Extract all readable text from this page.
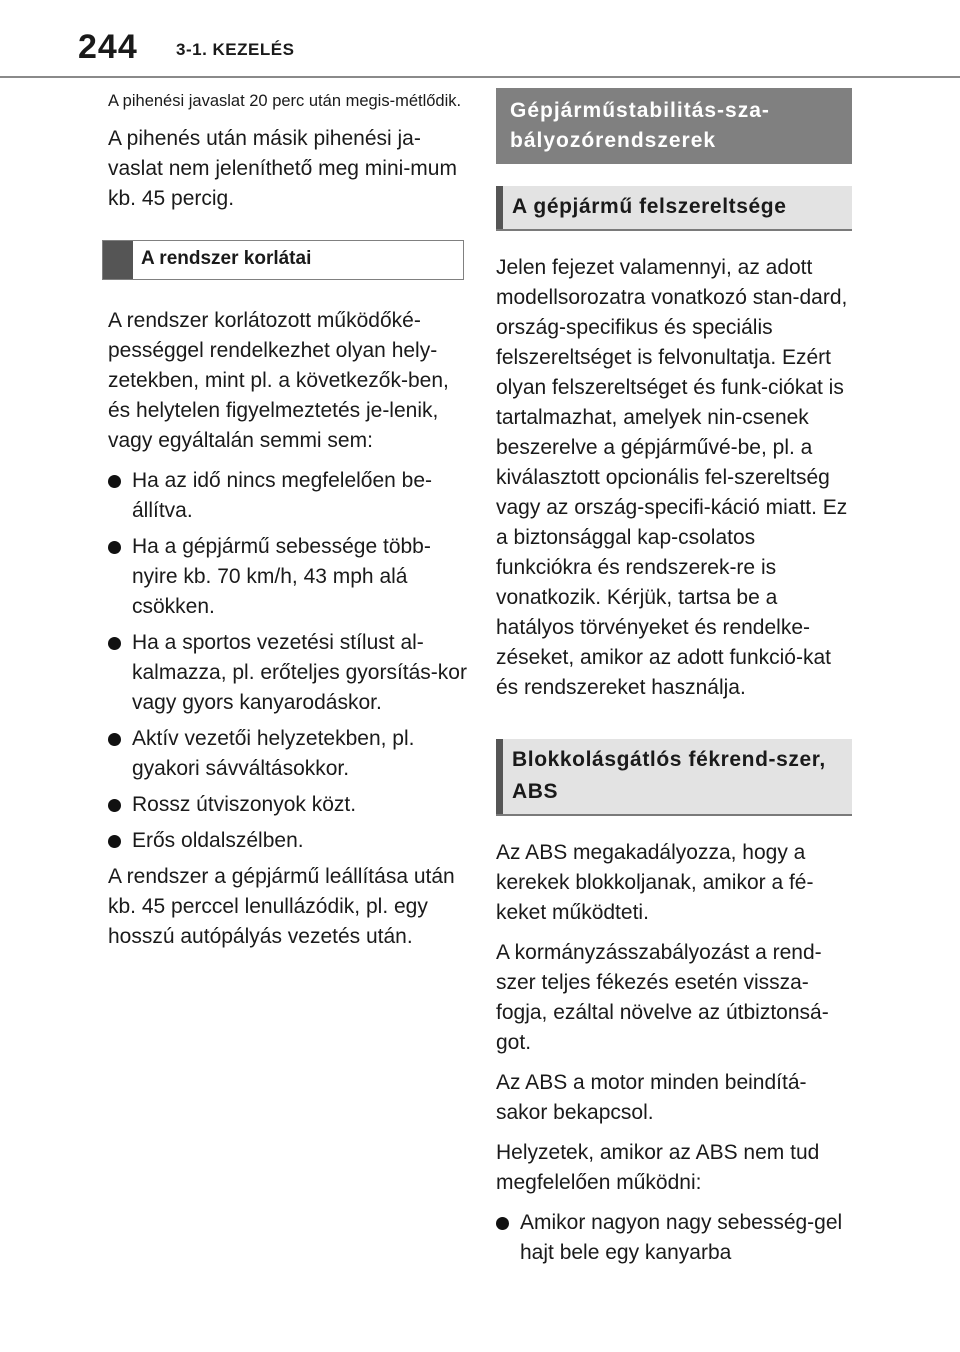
244 3-1. KEZELÉS

A pihenési javaslat 20 perc után megis-métlődik.

A pihenés után másik pihenési ja-vaslat nem jeleníthető meg mini-mum kb. 45 percig.

A rendszer korlátai

A rendszer korlátozott működőké-pességgel rendelkezhet olyan hely-zetekben, mint pl. a következők-ben, és helytelen figyelmeztetés je-lenik, vagy egyáltalán semmi sem:

Ha az idő nincs megfelelően be-állítva.
Ha a gépjármű sebessége több-nyire kb. 70 km/h, 43 mph alá csökken.
Ha a sportos vezetési stílust al-kalmazza, pl. erőteljes gyorsítás-kor vagy gyors kanyarodáskor.
Aktív vezetői helyzetekben, pl. gyakori sávváltásokkor.
Rossz útviszonyok közt.
Erős oldalszélben.

A rendszer a gépjármű leállítása után kb. 45 perccel lenullázódik, pl. egy hosszú autópályás vezetés után.

Gépjárműstabilitás-sza-bályozórendszerek
A gépjármű felszereltsége

Jelen fejezet valamennyi, az adott modellsorozatra vonatkozó stan-dard, ország-specifikus és speciális felszereltséget is felvonultatja. Ezért olyan felszereltséget és funk-ciókat is tartalmazhat, amelyek nin-csenek beszerelve a gépjárművé-be, pl. a kiválasztott opcionális fel-szereltség vagy az ország-specifi-káció miatt. Ez a biztonsággal kap-csolatos funkciókra és rendszerek-re is vonatkozik. Kérjük, tartsa be a hatályos törvényeket és rendelke-zéseket, amikor az adott funkció-kat és rendszereket használja.

Blokkolásgátlós fékrend-szer, ABS

Az ABS megakadályozza, hogy a kerekek blokkoljanak, amikor a fé-keket működteti.

A kormányzásszabályozást a rend-szer teljes fékezés esetén vissza-fogja, ezáltal növelve az útbiztonsá-got.

Az ABS a motor minden beindítá-sakor bekapcsol.

Helyzetek, amikor az ABS nem tud megfelelően működni:

Amikor nagyon nagy sebesség-gel hajt bele egy kanyarba
